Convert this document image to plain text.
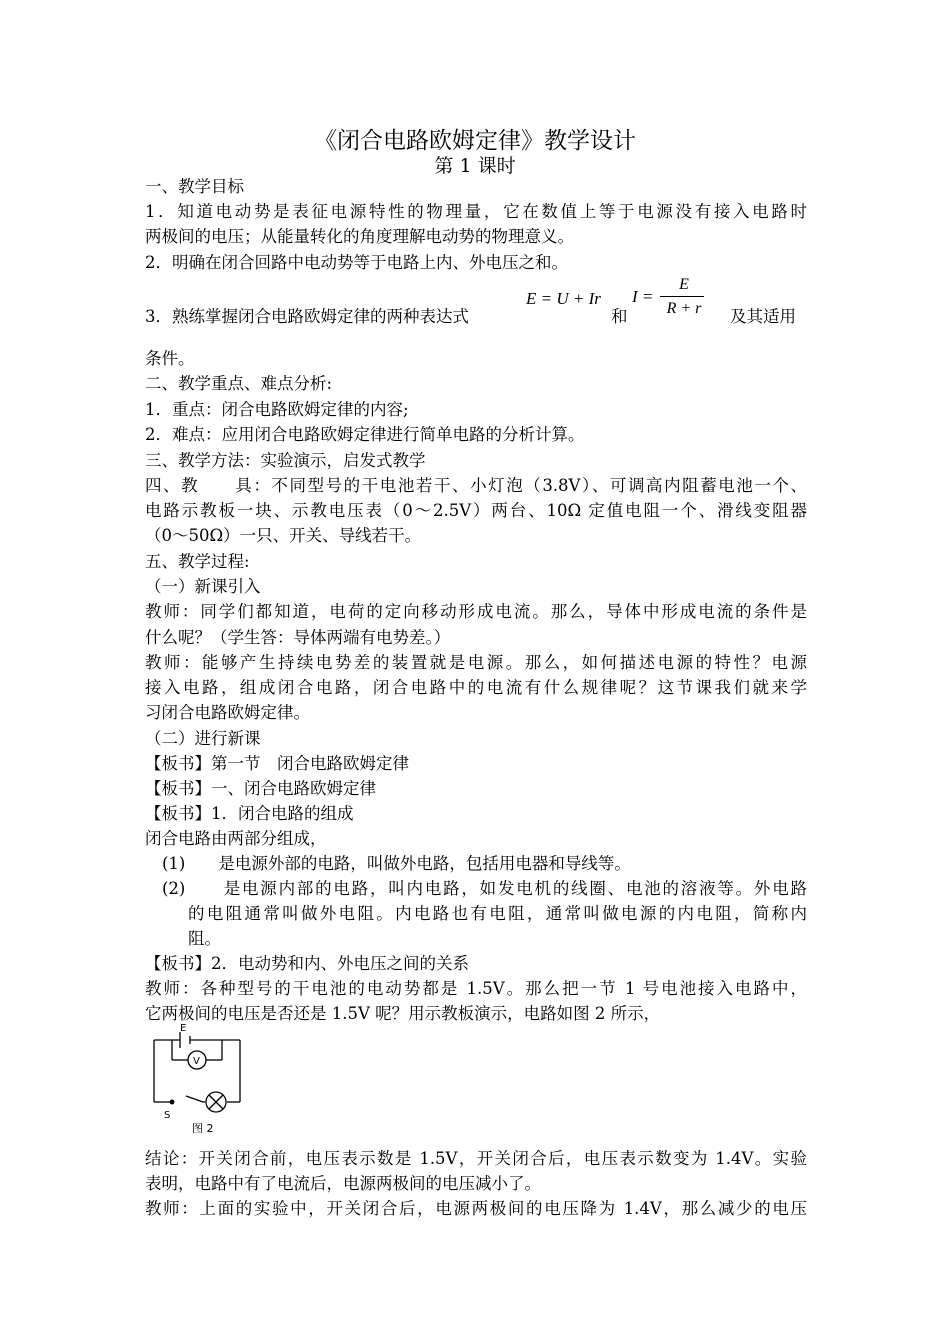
《闭合电路欧姆定律》教学设计
第 1 课时
一、教学目标
1．知道电动势是表征电源特性的物理量，它在数值上等于电源没有接入电路时
两极间的电压；从能量转化的角度理解电动势的物理意义。
2．明确在闭合回路中电动势等于电路上内、外电压之和。
3．熟练掌握闭合电路欧姆定律的两种表达式
E = U + Ir
和
I =
E
R + r	及其适用
条件。
二、教学重点、难点分析:
1．重点：闭合电路欧姆定律的内容;
2．难点：应用闭合电路欧姆定律进行简单电路的分析计算。
三、教学方法：实验演示，启发式教学
四、教　　具：不同型号的干电池若干、小灯泡（3.8V）、可调高内阻蓄电池一个、
电路示教板一块、示教电压表（0～2.5V）两台、10Ω 定值电阻一个、滑线变阻器
（0～50Ω）一只、开关、导线若干。
五、教学过程:
（一）新课引入
教师：同学们都知道，电荷的定向移动形成电流。那么，导体中形成电流的条件是
什么呢？（学生答：导体两端有电势差。）
教师：能够产生持续电势差的装置就是电源。那么，如何描述电源的特性？电源
接入电路，组成闭合电路，闭合电路中的电流有什么规律呢？这节课我们就来学
习闭合电路欧姆定律。
（二）进行新课
【板书】第一节　闭合电路欧姆定律
【板书】一、闭合电路欧姆定律
【板书】1．闭合电路的组成
闭合电路由两部分组成，
(1)　　是电源外部的电路，叫做外电路，包括用电器和导线等。
(2)　　是电源内部的电路，叫内电路，如发电机的线圈、电池的溶液等。外电路
的电阻通常叫做外电阻。内电路也有电阻，通常叫做电源的内电阻，简称内
阻。
【板书】2．电动势和内、外电压之间的关系
教师：各种型号的干电池的电动势都是 1.5V。那么把一节 1 号电池接入电路中，
它两极间的电压是否还是 1.5V 呢？用示教板演示，电路如图 2 所示，
E
V
S
图 2
结论：开关闭合前，电压表示数是 1.5V，开关闭合后，电压表示数变为 1.4V。实验
表明，电路中有了电流后，电源两极间的电压减小了。
教师：上面的实验中，开关闭合后，电源两极间的电压降为 1.4V，那么减少的电压
